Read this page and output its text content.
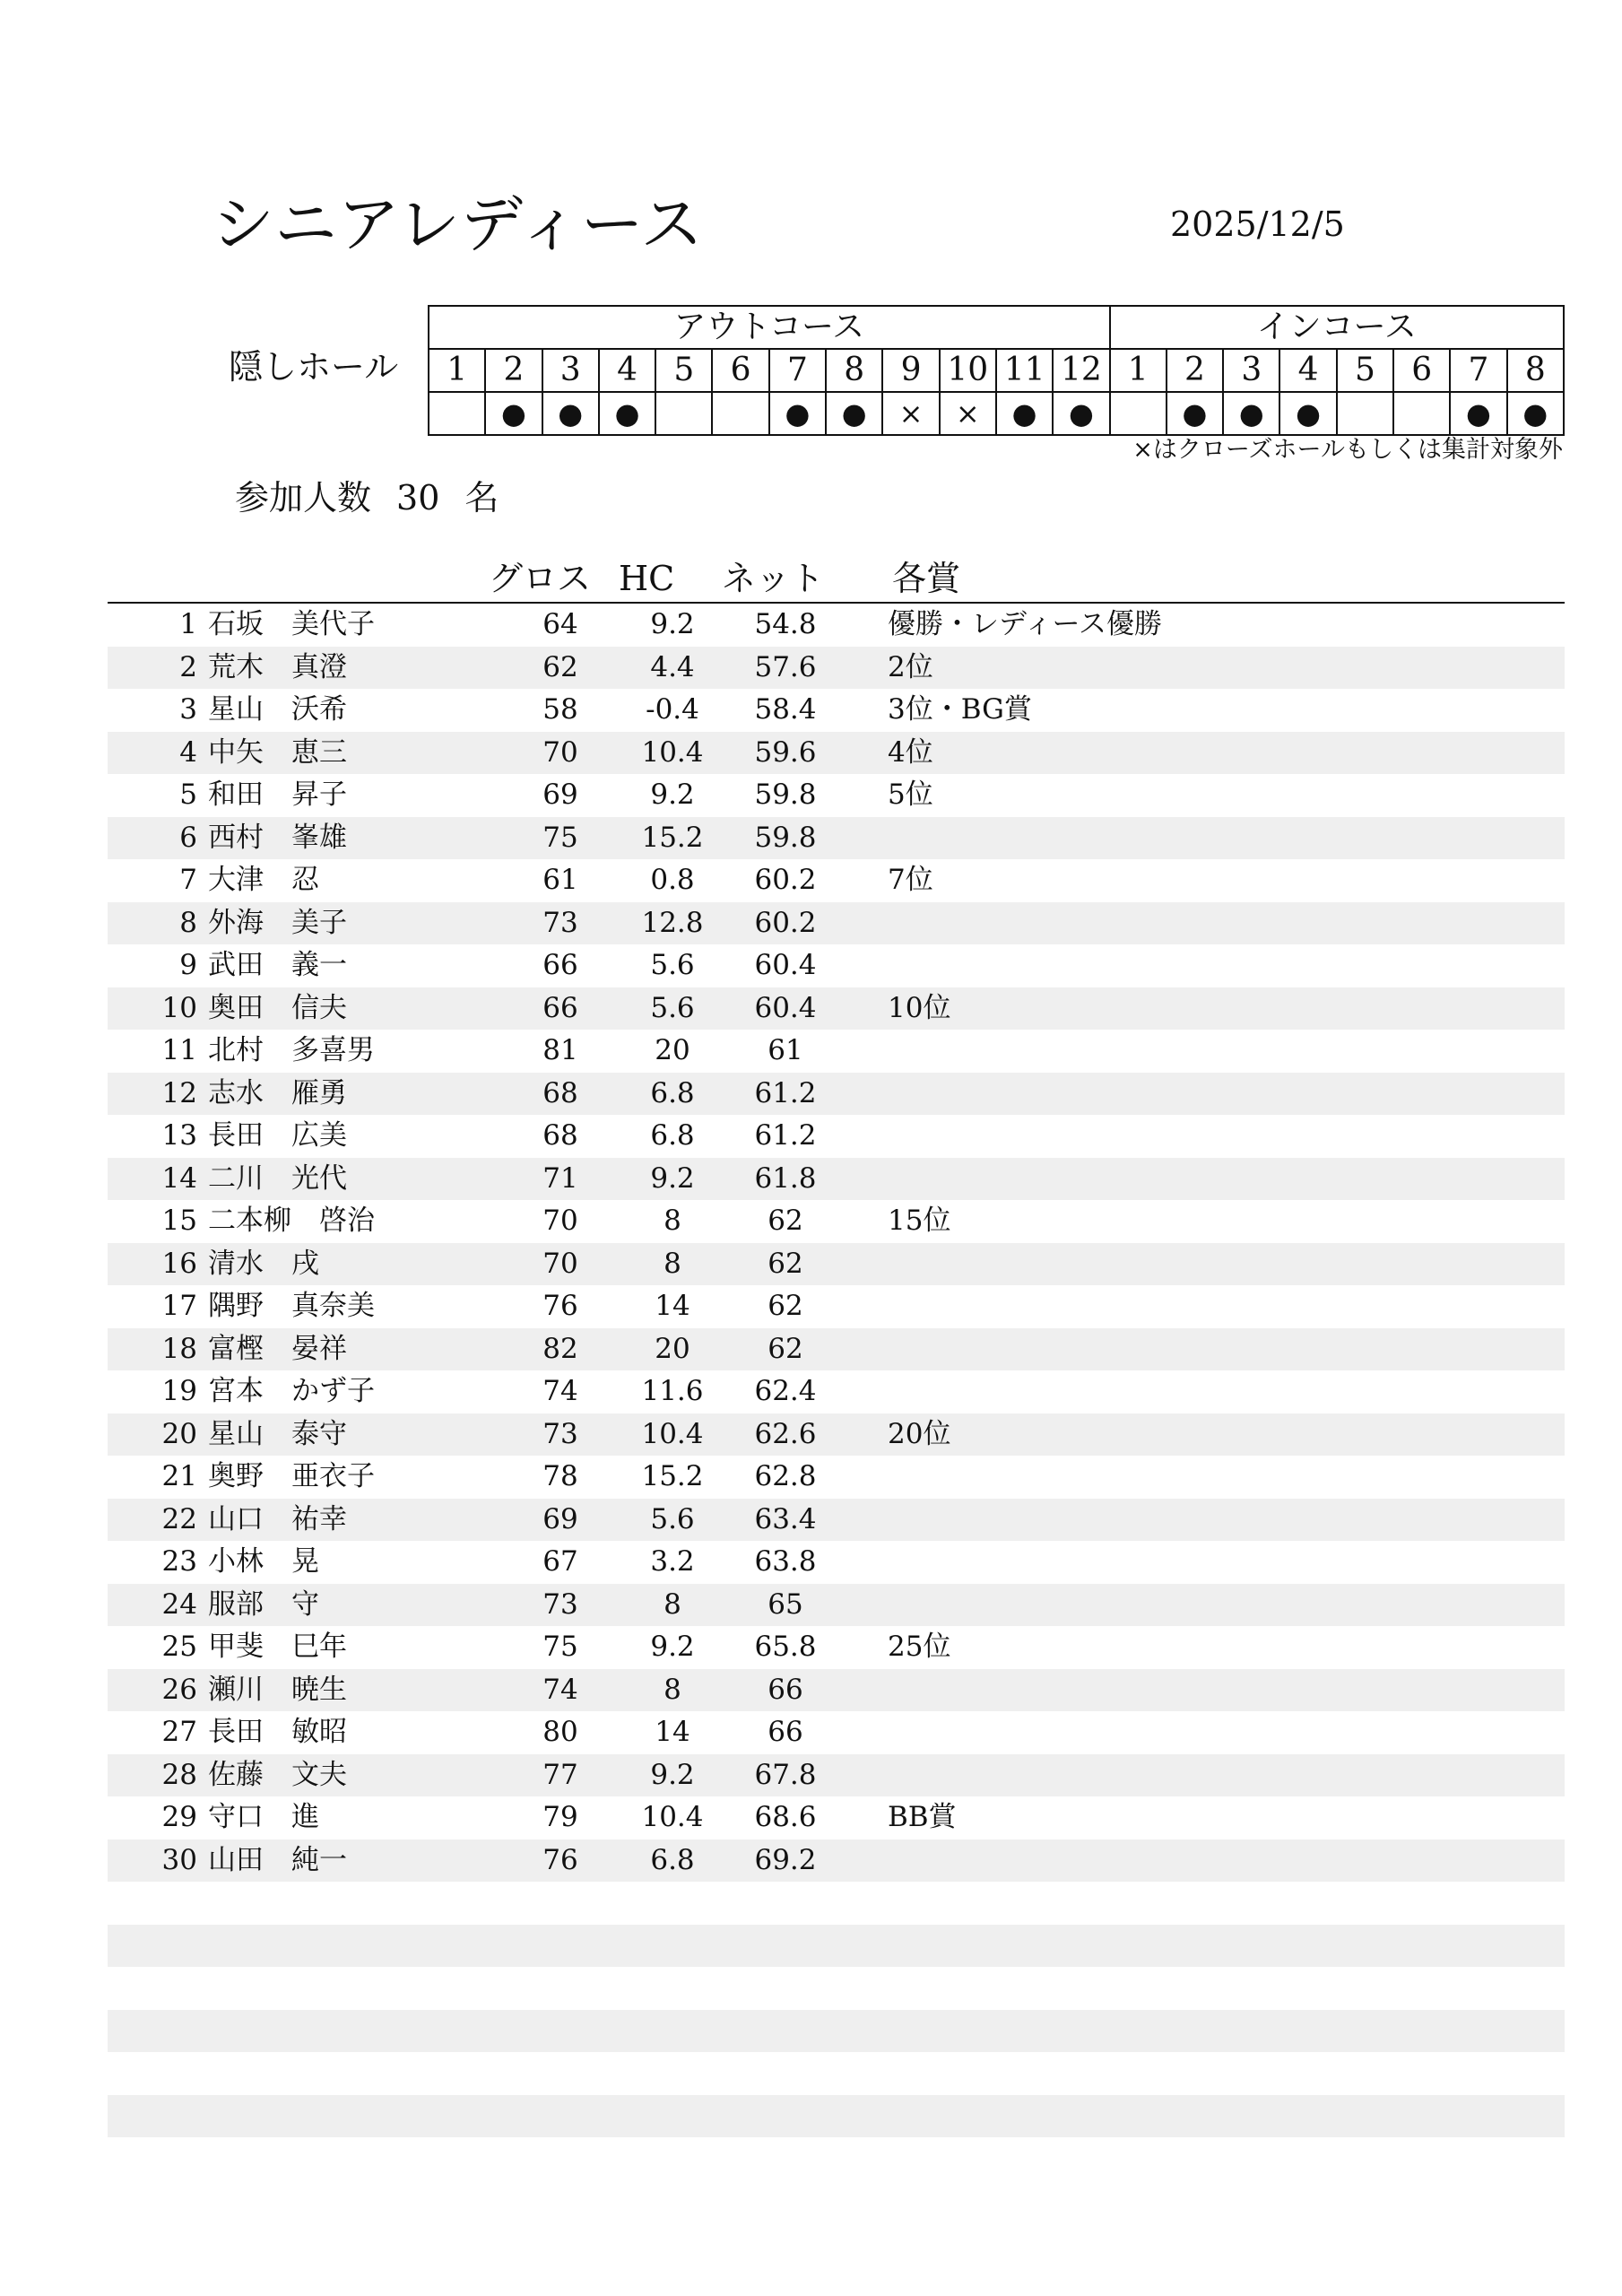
シニアレディース	2025/12/5
隠しホール
アウトコース												インコース							
1	2	3	4	5	6	7	8	9	10	11	12	1	2	3	4	5	6	7	8
	●	●	●			●	●	×	×	●	●		●	●	●			●	●
×はクローズホールもしくは集計対象外
参加人数 30 名
グロス HC ネット 各賞
1 石坂　美代子	64	9.2	54.8	優勝・レディース優勝
2 荒木　真澄	62	4.4	57.6	2位
3 星山　沃希	58	-0.4	58.4	3位・BG賞
4 中矢　恵三	70	10.4	59.6	4位
5 和田　昇子	69	9.2	59.8	5位
6 西村　峯雄	75	15.2	59.8
7 大津　忍	61	0.8	60.2	7位
8 外海　美子	73	12.8	60.2
9 武田　義一	66	5.6	60.4
10 奥田　信夫	66	5.6	60.4	10位
11 北村　多喜男	81	20	61
12 志水　雁勇	68	6.8	61.2
13 長田　広美	68	6.8	61.2
14 二川　光代	71	9.2	61.8
15 二本柳　啓治	70	8	62	15位
16 清水　戌	70	8	62
17 隅野　真奈美	76	14	62
18 富樫　晏祥	82	20	62
19 宮本　かず子	74	11.6	62.4
20 星山　泰守	73	10.4	62.6	20位
21 奥野　亜衣子	78	15.2	62.8
22 山口　祐幸	69	5.6	63.4
23 小林　晃	67	3.2	63.8
24 服部　守	73	8	65
25 甲斐　巳年	75	9.2	65.8	25位
26 瀬川　暁生	74	8	66
27 長田　敏昭	80	14	66
28 佐藤　文夫	77	9.2	67.8
29 守口　進	79	10.4	68.6	BB賞
30 山田　純一	76	6.8	69.2
